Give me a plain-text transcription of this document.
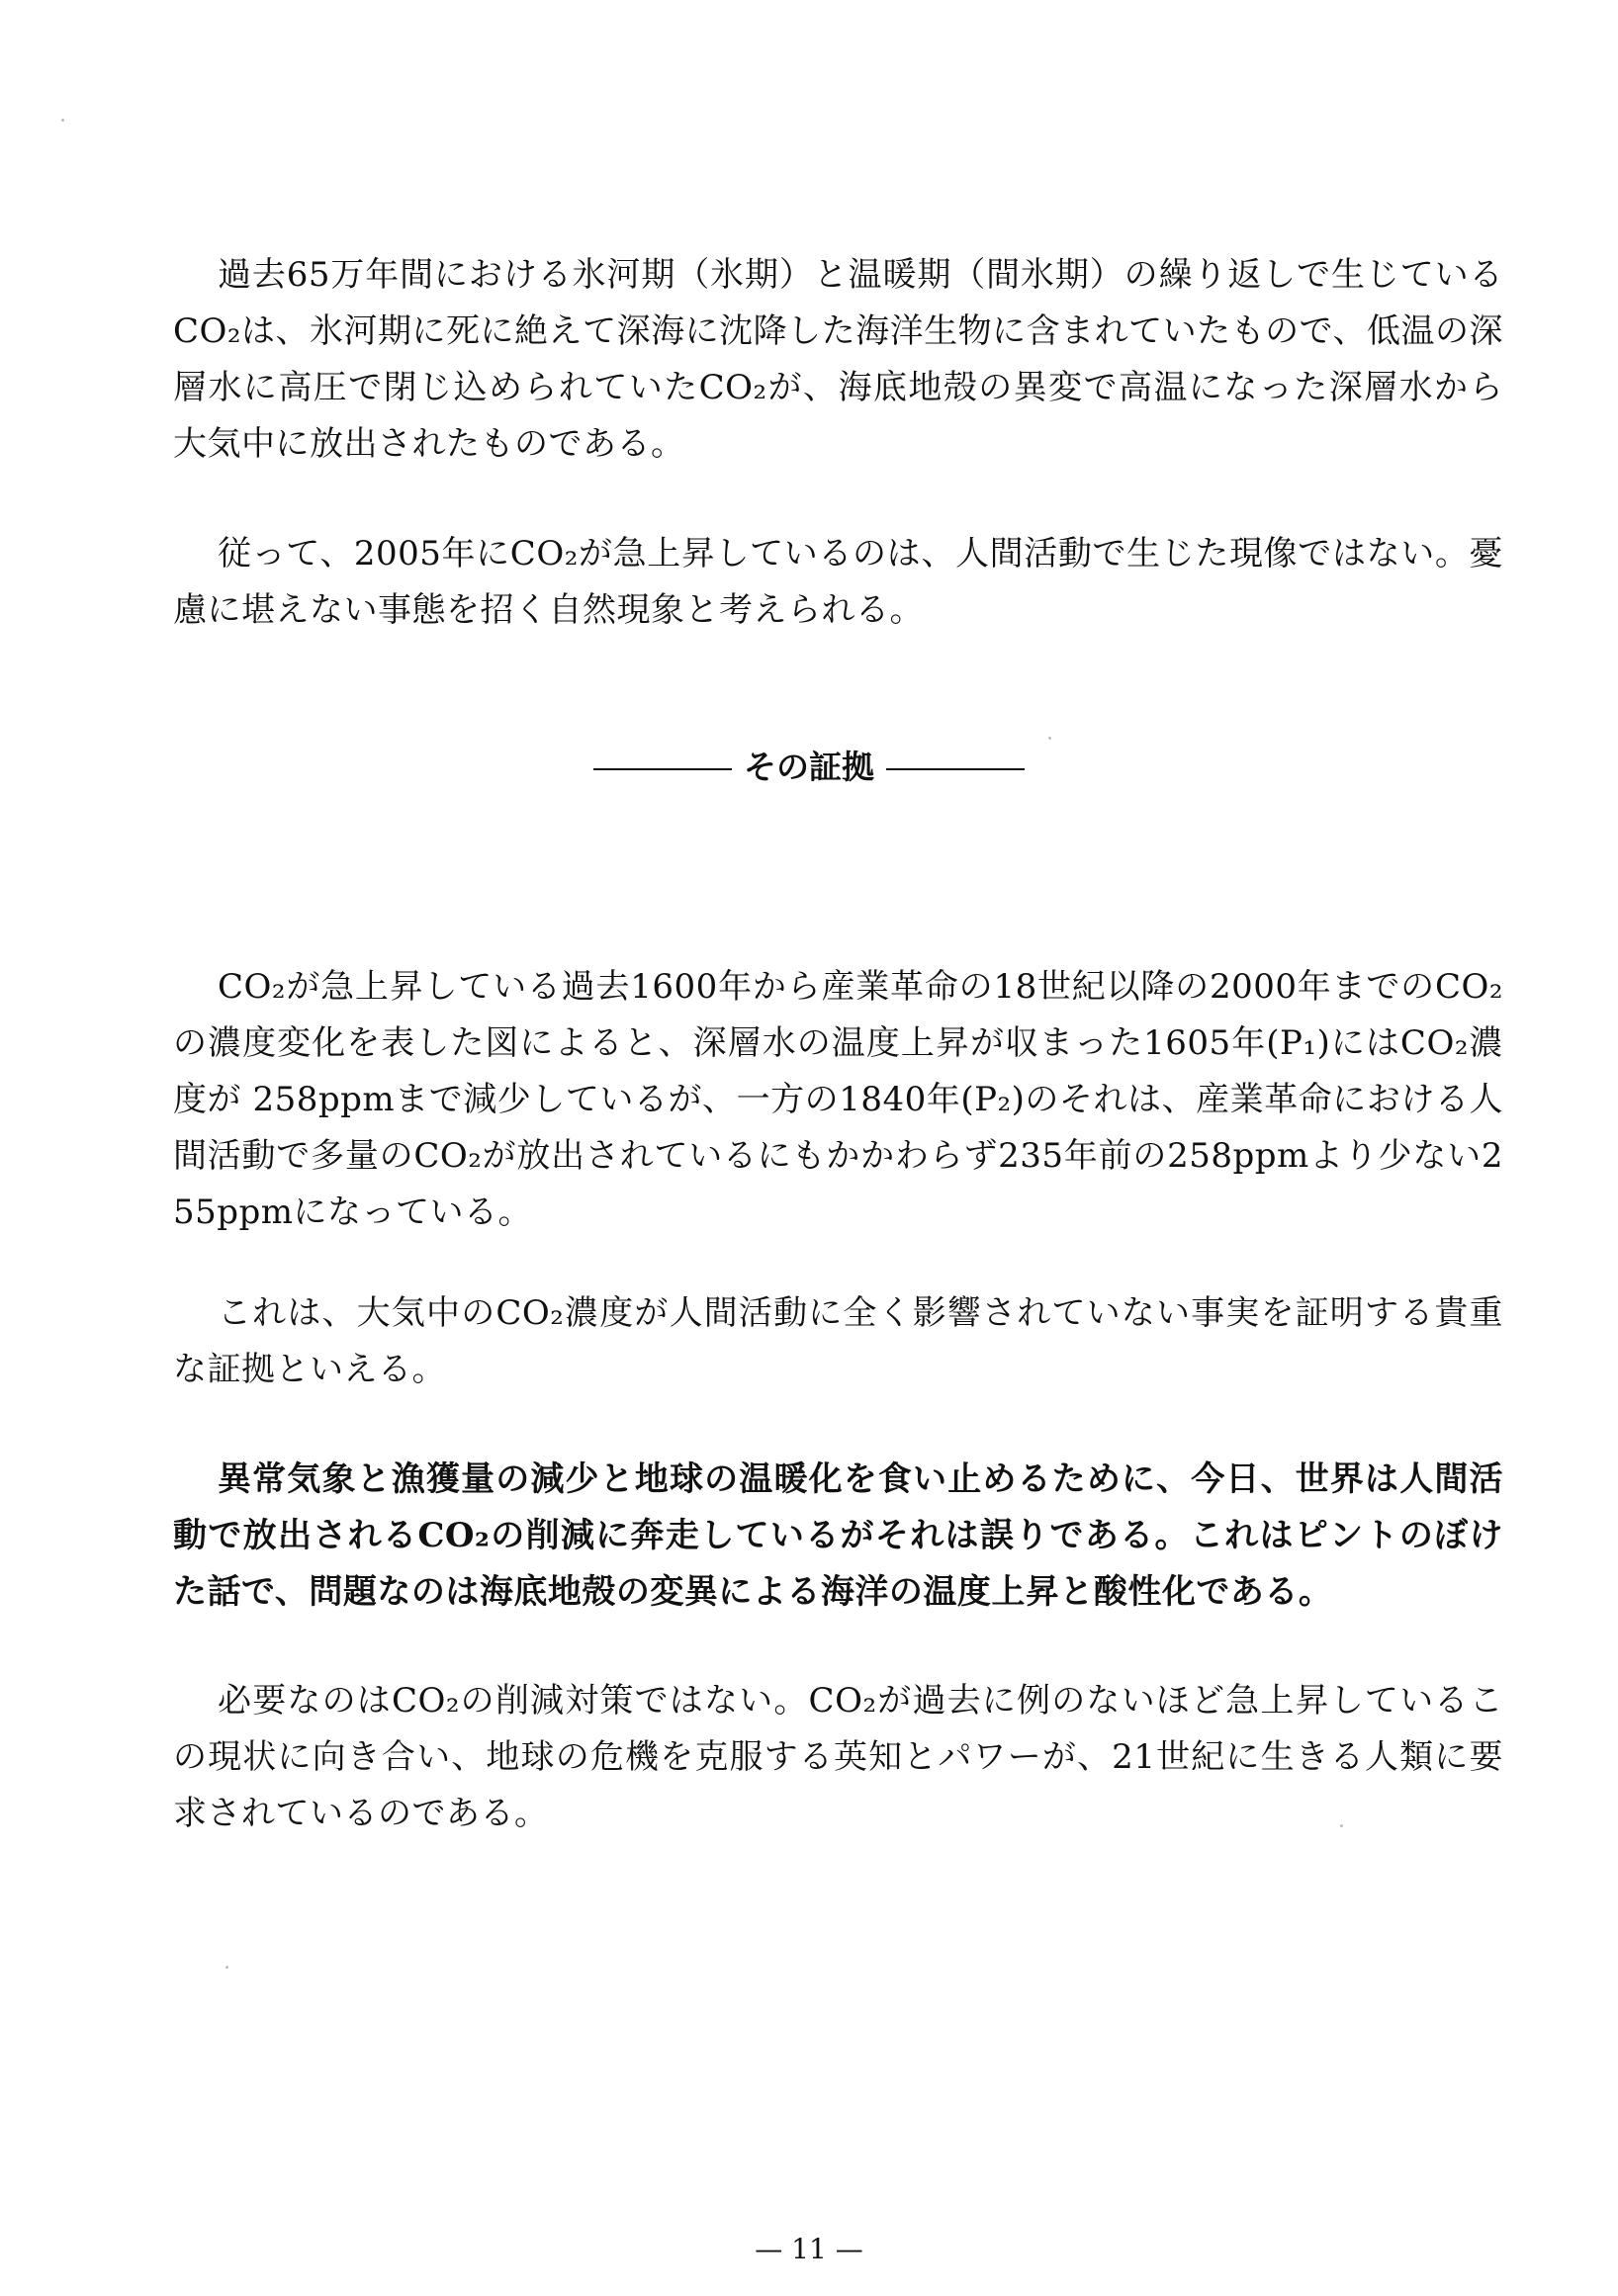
過去65万年間における氷河期（氷期）と温暖期（間氷期）の繰り返しで生じているCO₂は、氷河期に死に絶えて深海に沈降した海洋生物に含まれていたもので、低温の深層水に高圧で閉じ込められていたCO₂が、海底地殻の異変で高温になった深層水から大気中に放出されたものである。

従って、2005年にCO₂が急上昇しているのは、人間活動で生じた現像ではない。憂慮に堪えない事態を招く自然現象と考えられる。

その証拠

CO₂が急上昇している過去1600年から産業革命の18世紀以降の2000年までのCO₂の濃度変化を表した図によると、深層水の温度上昇が収まった1605年(P₁)にはCO₂濃度が 258ppmまで減少しているが、一方の1840年(P₂)のそれは、産業革命における人間活動で多量のCO₂が放出されているにもかかわらず235年前の258ppmより少ない255ppmになっている。

これは、大気中のCO₂濃度が人間活動に全く影響されていない事実を証明する貴重な証拠といえる。

異常気象と漁獲量の減少と地球の温暖化を食い止めるために、今日、世界は人間活動で放出されるCO₂の削減に奔走しているがそれは誤りである。これはピントのぼけた話で、問題なのは海底地殻の変異による海洋の温度上昇と酸性化である。

必要なのはCO₂の削減対策ではない。CO₂が過去に例のないほど急上昇しているこの現状に向き合い、地球の危機を克服する英知とパワーが、21世紀に生きる人類に要求されているのである。

— 11 —
